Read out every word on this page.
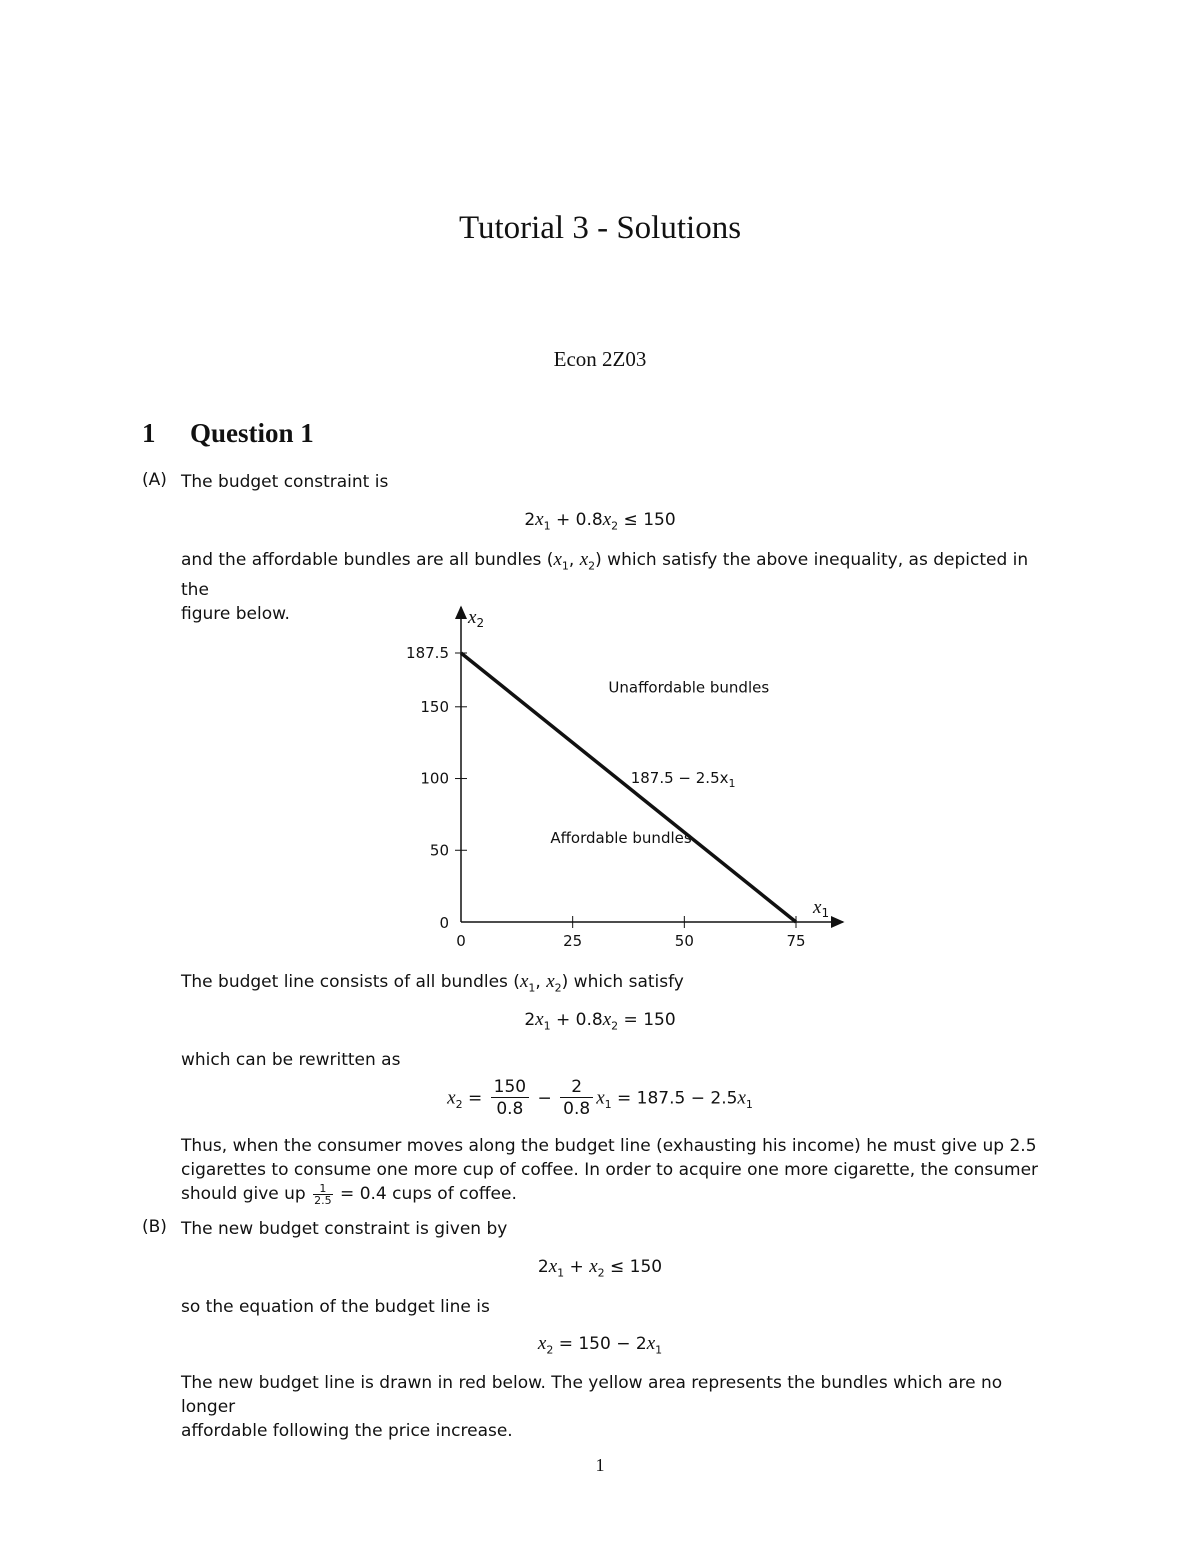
Tutorial 3 - Solutions
Econ 2Z03
1 Question 1
(A) The budget constraint is
$2x_1 + 0.8x_2 \le 150$
and the affordable bundles are all bundles ($x_1$, $x_2$) which satisfy the above inequality, as depicted in the
figure below.
0	25	50	75
0
50
100
150
187.5
$x_2$
$x_1$
Unaffordable bundles
$187.5 - 2.5x_1$
Affordable bundles
The budget line consists of all bundles ($x_1$, $x_2$) which satisfy
$2x_1 + 0.8x_2 = 150$
which can be rewritten as
$x_2 = \frac{150}{0.8} - \frac{2}{0.8} x_1 = 187.5 - 2.5x_1$
Thus, when the consumer moves along the budget line (exhausting his income) he must give up 2.5
cigarettes to consume one more cup of coffee. In order to acquire one more cigarette, the consumer
should give up $\frac{1}{2.5} = 0.4$ cups of coffee.
(B) The new budget constraint is given by
$2x_1 + x_2 \le 150$
so the equation of the budget line is
$x_2 = 150 - 2x_1$
The new budget line is drawn in red below. The yellow area represents the bundles which are no longer
affordable following the price increase.
1
